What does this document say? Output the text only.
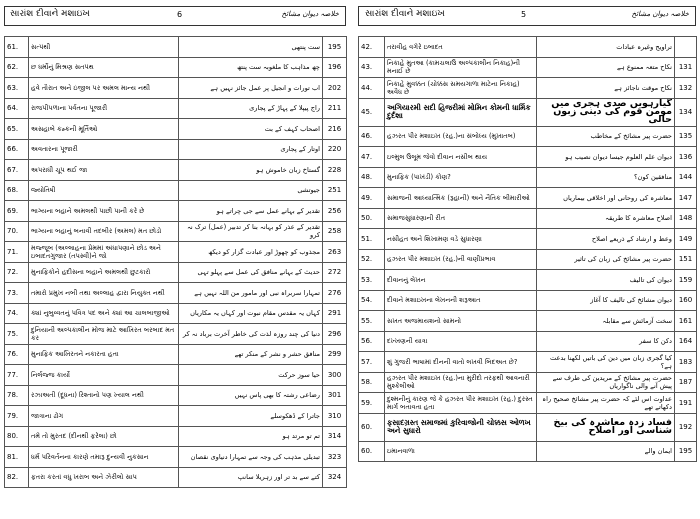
સારાંશ દીવાને મશાઇખ	6	خلاصہ دیوان مشائخ
61.	સત્પંથી	ست پنتھی	195
62.	છ ધર્મોનું મિશ્રણ સતપંથ	چھ مذاہب کا ملغوبہ ست پنتھ	196
63.	હવે તૌરાત અને ઇંજીલ પર અમલ માન્ય નથી	اب تورات و انجیل پر عمل جائز نہیں ہے	202
64.	રાજપીપળાના પર્વતના પૂજારી	راج پیپلا کے پہاڑ کے پجاری	211
65.	અસહાબે કહ્કની મૂર્તિઓ	اصحاب کہف کے بت	216
66.	અવતારના પૂજારી	اوتار کے پجاری	220
67.	અપરાધી ચૂપ થઈ જા	گستاخ زبان خاموش ہو	228
68.	જ્યોતિષી	جیوتشی	251
69.	ભાગ્યના બહાને અમલથી પાછી પાની કરે છે	تقدیر کے بہانے عمل سے جی چراتے ہو	256
70.	ભાગ્યના બહાનું બનાવી તદબીર (અમલ) મત છોડો	تقدیر کے عذر کو بہانہ بنا کر تدبیر (عمل) ترک نہ کرو	258
71.	મજ્જૂબ (અલ્લાહના પ્રેમમાં અંધાપણાને છોડ અને ઇબાદતગુજાર (તપસ્વી)ને જો	مجذوب کو چھوڑ اور عبادت گزار کو دیکھ	263
72.	મુનાફિકોને હદીસના બહાને અમલથી છુટકારો	حدیث کے بہانے منافق کی عمل سے پہلو تہی	272
73.	તમારો પ્રમુખ નબી તથા અલ્લાહ દ્વારા નિયુક્ત નથી	تمہارا سربراہ نبی اور مامور من اللہ نہیں ہے	276
74.	ક્યાં નુબુવ્વતનું પવિત્ર પદ અને ક્યાં આ ચાલબાજીઓ	کہاں یہ مقدس مقام نبوت اور کہاں یہ مکاریاں	291
75.	દુનિયાની અલ્પકાલીન મોજ માટે આખિરત બરબાદ મત કર	دنیا کی چند روزہ لذت کی خاطر آخرت برباد نہ کر	296
76.	મુનાફિક આખિરતને નકારતા હતા	منافق حشر و نشر کے منکر تھے	299
77.	નિર્લજ્જ કાર્યો	حیا سوز حرکت	300
78.	રઝાઅતી (દૂધના) રિશ્તાનો પણ ખ્યાલ નથી	رضاعی رشتہ کا بھی پاس نہیں	301
79.	જાત્રાના ઢોંગ	جاترا کے ڈھکوسلے	310
80.	તમે તો મુરતદ (દીનથી ફરેલા) છો	تم تو مرتد ہو	314
81.	ધર્મ પરિવર્તનના કારણે તમારૂ દુન્યવી નુકસાન	تبدیلی مذہب کی وجہ سے تمہارا دنیاوی نقصان	323
82.	ફતરા કરતાં વધુ ખરાબ અને ઝેરીલો સાપ	کتے سے بد تر اور زہریلا سانپ	324
સારાંશ દીવાને મશાઇખ	5	خلاصہ دیوان مشائخ
42.	તરાવીહ વગેરે ઇબાદત	تراویح وغیرہ عبادات	
43.	નિકાહે મુતઆ (કામચલાઉ અલ્પકાલીન નિકાહ)ની મનાઈ છે	نکاح متعہ ممنوع ہے	131
44.	નિકાહે મુવક્કત (ચોક્કસ સમયગાળા માટેના નિકાહ) અવૈધ છે	نکاح موقت ناجائز ہے	132
45.	અગિયારમી સદી હિજરીમાં મોમિન કોમની ધાર્મિક દુર્દશા	گیارہویں صدی ہجری میں مومن قوم کی دینی زبوں حالی	134
46.	હઝરત પીર મશાઇખ (રહ.)ના સંબોધ્ય (મુખાતબ)	حضرت پیر مشائخ کے مخاطب	135
47.	ઇલ્મુલ ઉલૂમ જેવો દીવાન નસીબ થાય	دیوان علم العلوم جیسا دیوان نصیب ہو	136
48.	મુનાફિક (પાખંડી) કોણ?	منافقین کون؟	144
49.	સમાજની આધ્યાત્મિક (રૂહાની) અને નૈતિક બીમારીઓ	معاشرہ کی روحانی اور اخلاقی بیماریاں	147
50.	સમાજસુધારણાની રીત	اصلاح معاشرہ کا طریقہ	148
51.	નસીહત અને શિખામણ વડે સુધારણા	وعظ و ارشاد کے ذریعے اصلاح	149
52.	હઝરત પીર મશાઇખ (રહ.)ની વાણીપ્રભાવ	حضرت پیر مشائخ کی زبان کی تاثیر	151
53.	દીવાનનું લેખન	دیوان کی تالیف	159
54.	દીવાને મશાઇખના લેખનની શરૂઆત	دیوان مشائخ کی تالیف کا آغاز	160
55.	સખત અજમાયશનો સામનો	سخت آزمائش سے مقابلہ	161
56.	દખ્ખણની યાત્રા	دکن کا سفر	164
57.	શું ગુજરી ભાષામાં દીનની વાતો લખવી બિદઅત છે?	کیا گجری زبان میں دین کی باتیں لکھنا بدعت ہے؟	183
58.	હઝરત પીર મશાઇખ (રહ.)ના મુરીદો તરફથી આવનારી મુશ્કેલીઓ	حضرت پیر مشائخ کے مریدین کی طرف سے پیش آنے والی ناگواریاں	187
59.	દુશ્મનીનું કારણ જે કે હઝરત પીર મશાઇખ (રહ.) દુરસ્ત માર્ગ બતાવતા હતા	عداوت اس لئے کہ حضرت پیر مشائخ صحیح راہ دکھاتے تھے	191
60.	ફસાદગ્રસ્ત સમાજમાં કુરિવાજોની ચોક્કસ ઓળખ અને સુધારો	فساد زدہ معاشرہ کی بیخ شناسی اور اصلاح	192
60.	ઇમાનવાળા	ایمان والے	195
